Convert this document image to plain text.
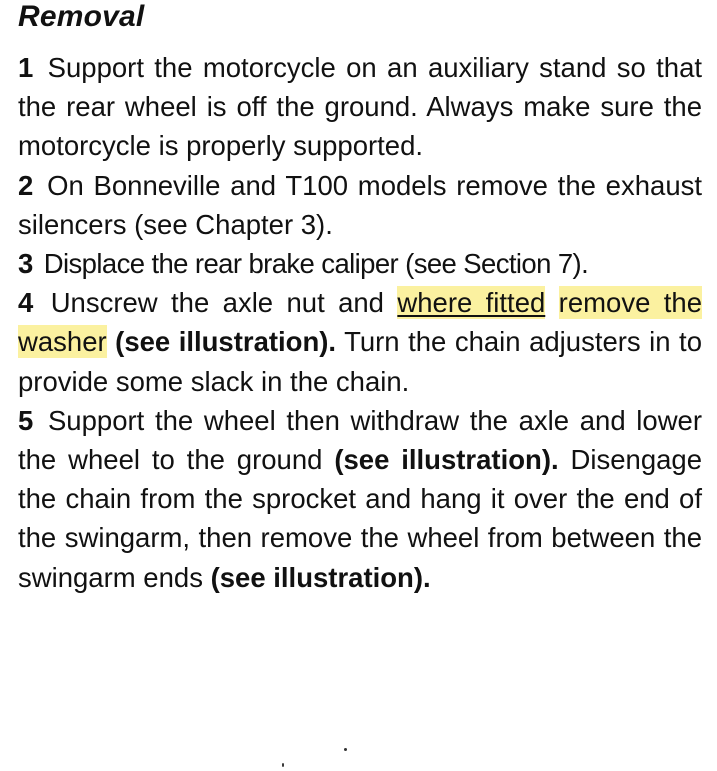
Removal

1 Support the motorcycle on an auxiliary stand so that the rear wheel is off the ground. Always make sure the motorcycle is properly supported.

2 On Bonneville and T100 models remove the exhaust silencers (see Chapter 3).

3 Displace the rear brake caliper (see Section 7).

4 Unscrew the axle nut and where fitted remove the washer (see illustration). Turn the chain adjusters in to provide some slack in the chain.

5 Support the wheel then withdraw the axle and lower the wheel to the ground (see illustration). Disengage the chain from the sprocket and hang it over the end of the swingarm, then remove the wheel from between the swingarm ends (see illustration).
